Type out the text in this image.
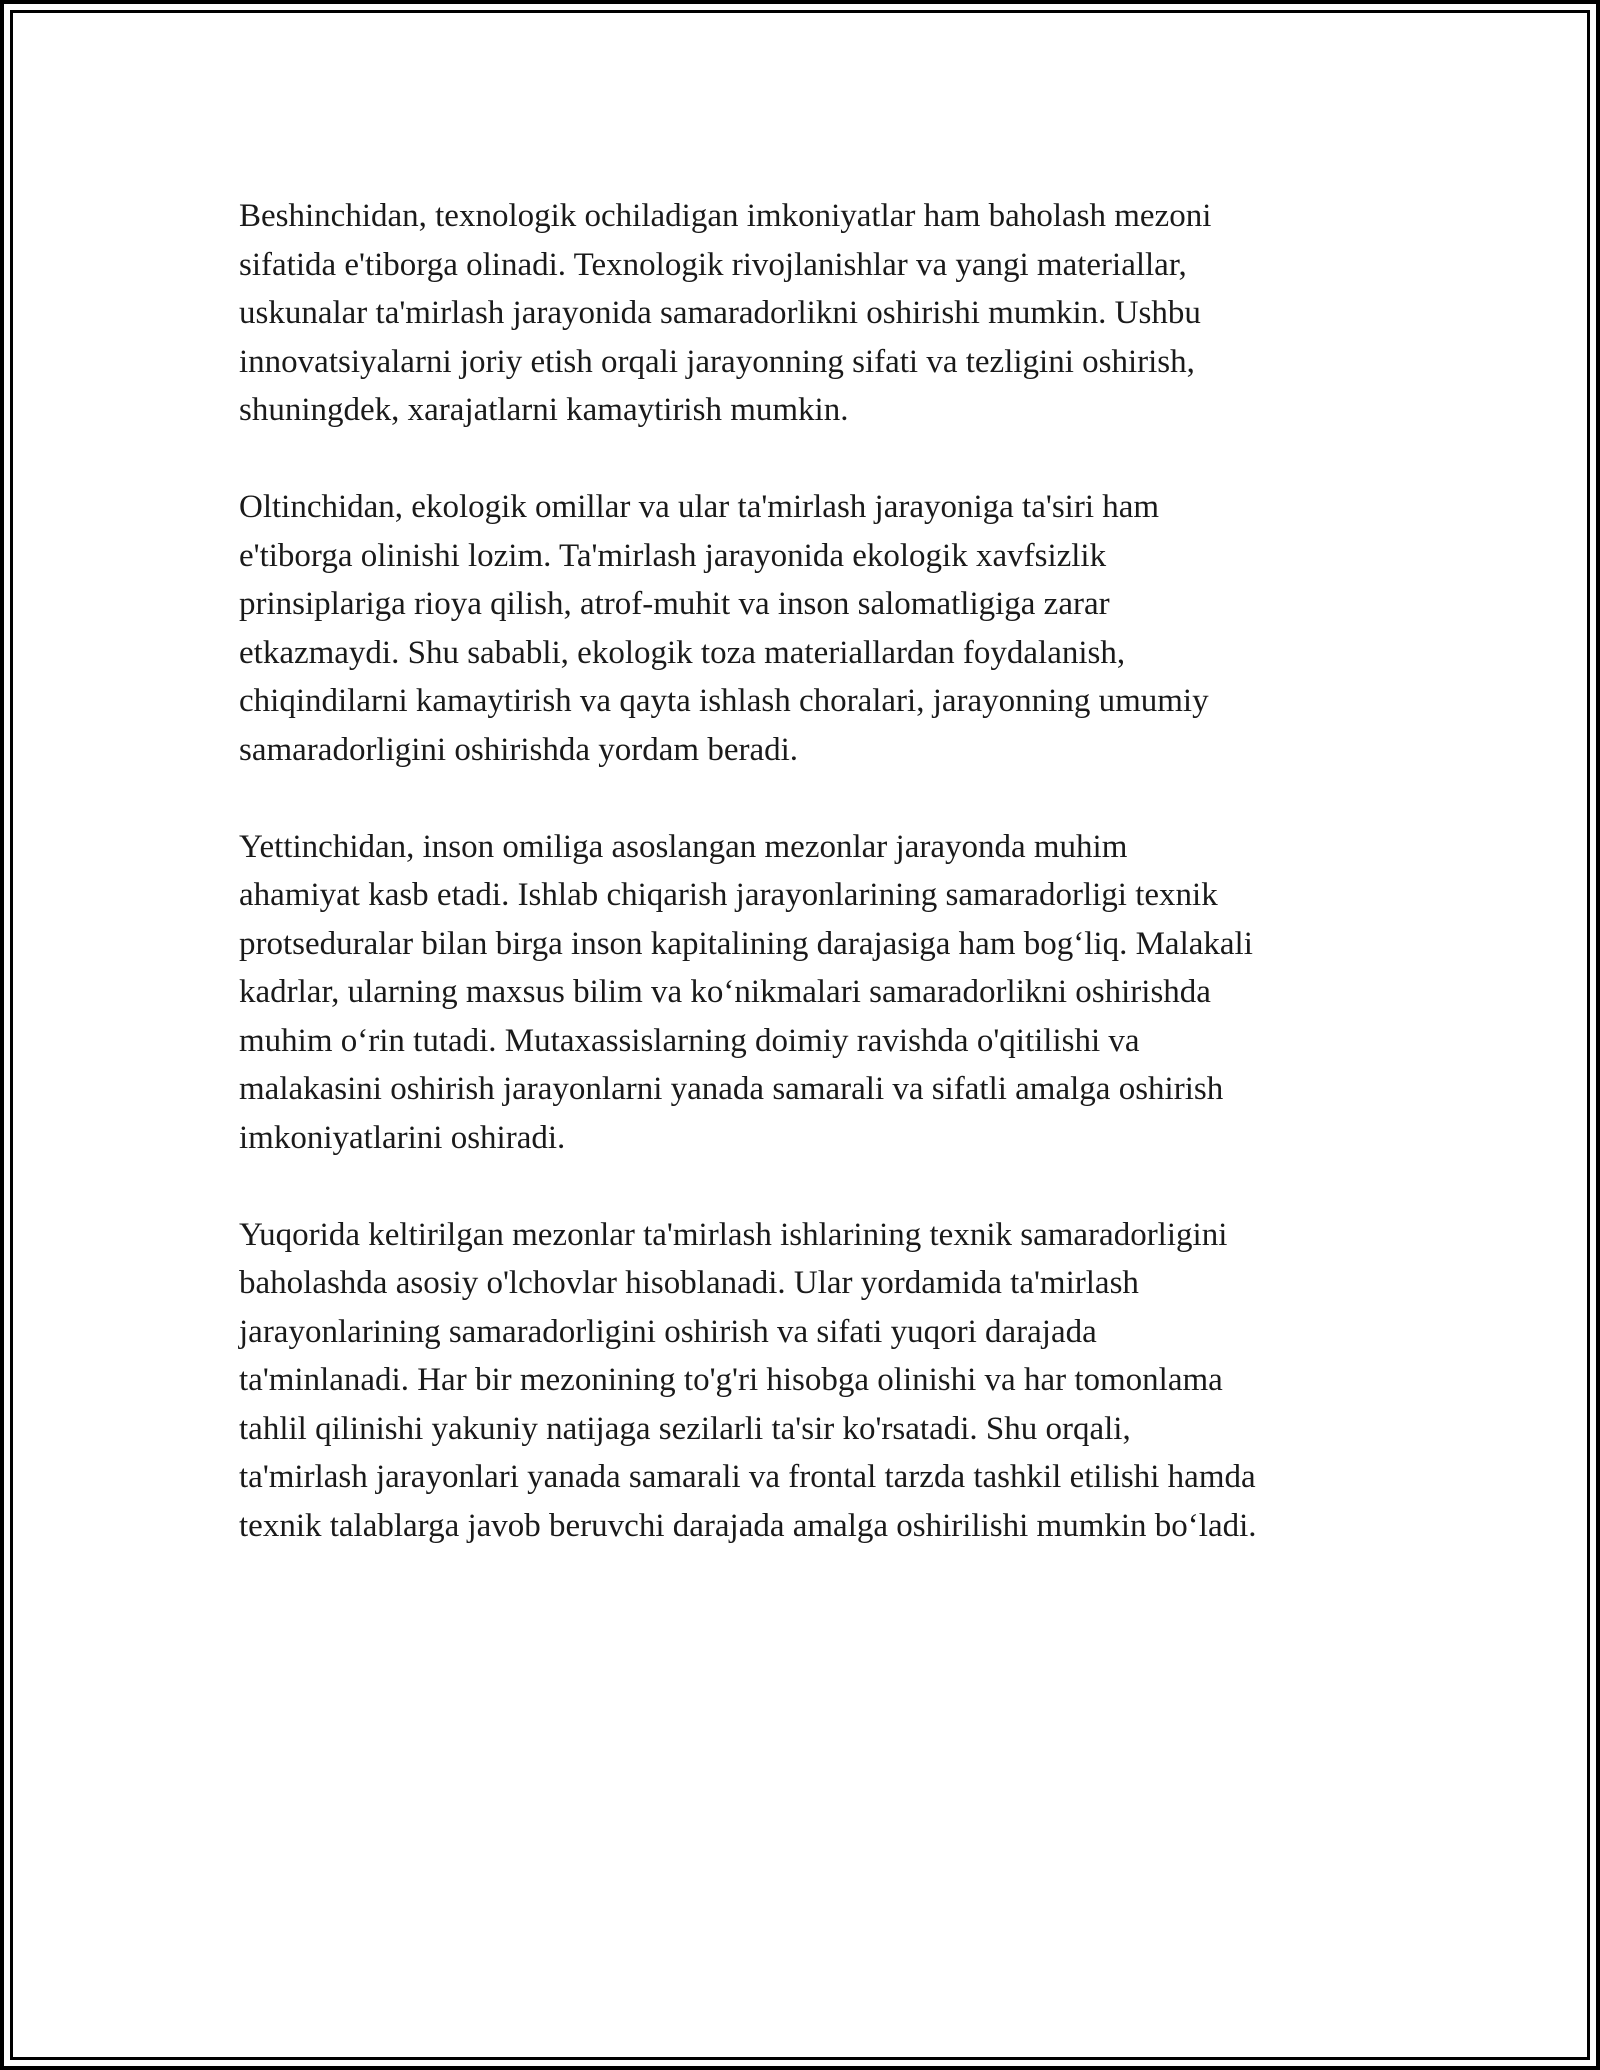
Beshinchidan, texnologik ochiladigan imkoniyatlar ham baholash mezoni
sifatida e'tiborga olinadi. Texnologik rivojlanishlar va yangi materiallar,
uskunalar ta'mirlash jarayonida samaradorlikni oshirishi mumkin. Ushbu
innovatsiyalarni joriy etish orqali jarayonning sifati va tezligini oshirish,
shuningdek, xarajatlarni kamaytirish mumkin.

Oltinchidan, ekologik omillar va ular ta'mirlash jarayoniga ta'siri ham
e'tiborga olinishi lozim. Ta'mirlash jarayonida ekologik xavfsizlik
prinsiplariga rioya qilish, atrof-muhit va inson salomatligiga zarar
etkazmaydi. Shu sababli, ekologik toza materiallardan foydalanish,
chiqindilarni kamaytirish va qayta ishlash choralari, jarayonning umumiy
samaradorligini oshirishda yordam beradi.

Yettinchidan, inson omiliga asoslangan mezonlar jarayonda muhim
ahamiyat kasb etadi. Ishlab chiqarish jarayonlarining samaradorligi texnik
protseduralar bilan birga inson kapitalining darajasiga ham bog‘liq. Malakali
kadrlar, ularning maxsus bilim va ko‘nikmalari samaradorlikni oshirishda
muhim o‘rin tutadi. Mutaxassislarning doimiy ravishda o'qitilishi va
malakasini oshirish jarayonlarni yanada samarali va sifatli amalga oshirish
imkoniyatlarini oshiradi.

Yuqorida keltirilgan mezonlar ta'mirlash ishlarining texnik samaradorligini
baholashda asosiy o'lchovlar hisoblanadi. Ular yordamida ta'mirlash
jarayonlarining samaradorligini oshirish va sifati yuqori darajada
ta'minlanadi. Har bir mezonining to'g'ri hisobga olinishi va har tomonlama
tahlil qilinishi yakuniy natijaga sezilarli ta'sir ko'rsatadi. Shu orqali,
ta'mirlash jarayonlari yanada samarali va frontal tarzda tashkil etilishi hamda
texnik talablarga javob beruvchi darajada amalga oshirilishi mumkin bo‘ladi.
